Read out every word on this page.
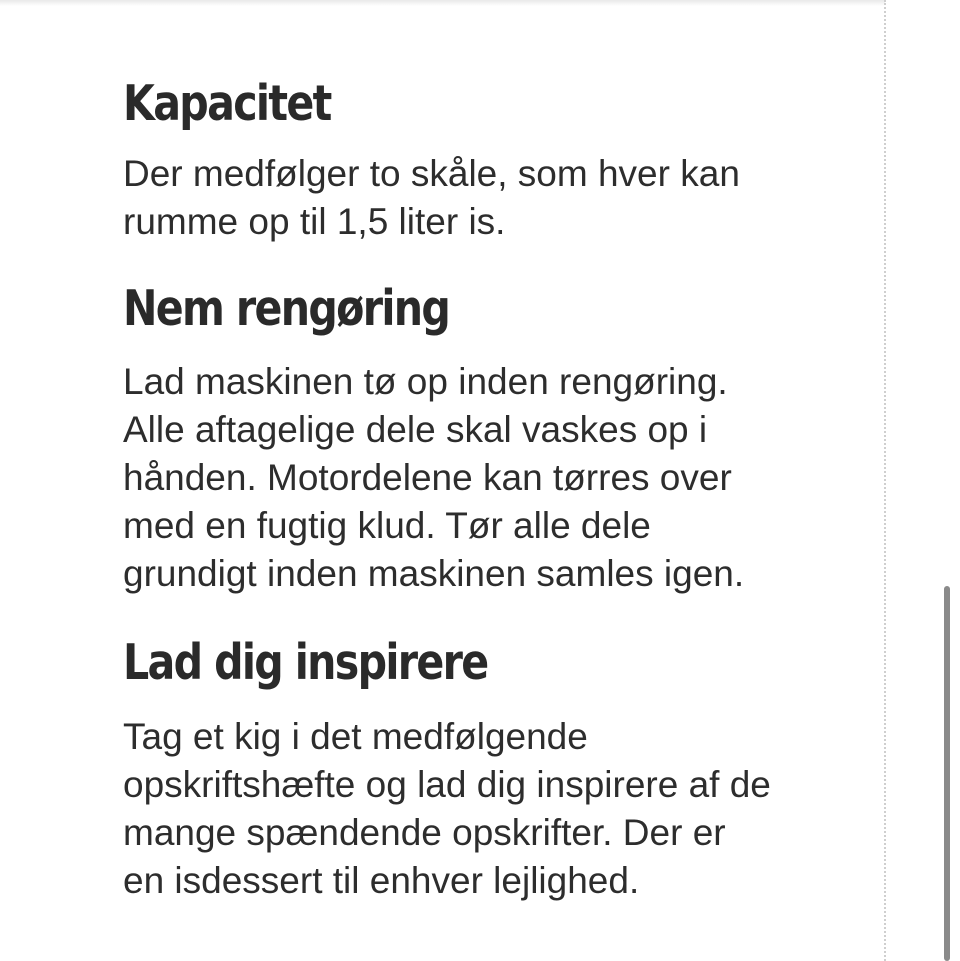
Kapacitet

Der medfølger to skåle, som hver kan
rumme op til 1,5 liter is.

Nem rengøring

Lad maskinen tø op inden rengøring.
Alle aftagelige dele skal vaskes op i
hånden. Motordelene kan tørres over
med en fugtig klud. Tør alle dele
grundigt inden maskinen samles igen.

Lad dig inspirere

Tag et kig i det medfølgende
opskriftshæfte og lad dig inspirere af de
mange spændende opskrifter. Der er
en isdessert til enhver lejlighed.
